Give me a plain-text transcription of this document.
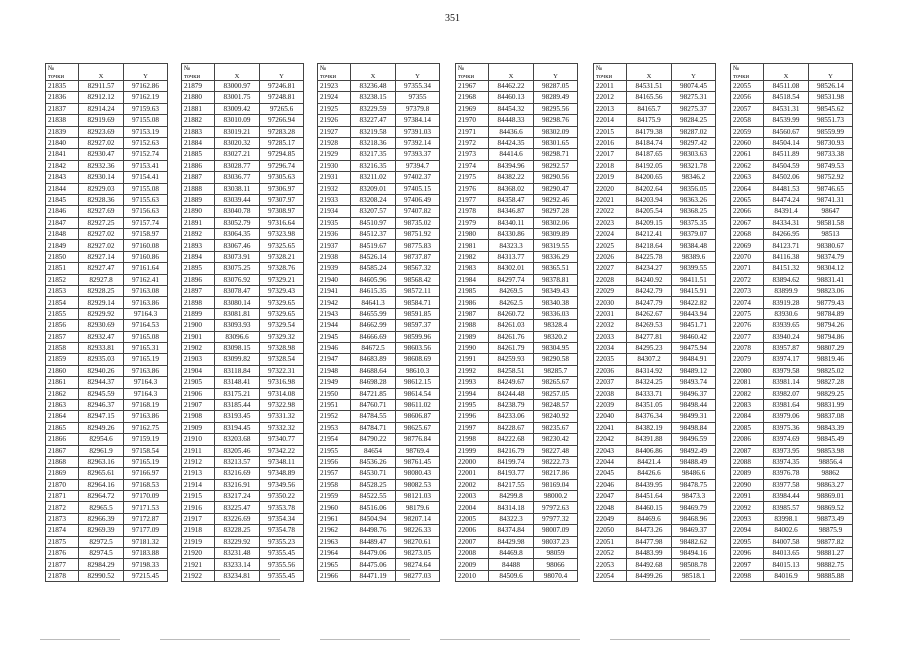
351
№		
точки	X	Y
21835	82911.57	97162.86
21836	82912.12	97162.19
21837	82914.24	97159.63
21838	82919.69	97155.08
21839	82923.69	97153.19
21840	82927.02	97152.63
21841	82930.47	97152.74
21842	82932.36	97153.41
21843	82930.14	97154.41
21844	82929.03	97155.08
21845	82928.36	97155.63
21846	82927.69	97156.63
21847	82927.25	97157.74
21848	82927.02	97158.97
21849	82927.02	97160.08
21850	82927.14	97160.86
21851	82927.47	97161.64
21852	82927.8	97162.41
21853	82928.25	97163.08
21854	82929.14	97163.86
21855	82929.92	97164.3
21856	82930.69	97164.53
21857	82932.47	97165.08
21858	82933.81	97165.31
21859	82935.03	97165.19
21860	82940.26	97163.86
21861	82944.37	97164.3
21862	82945.59	97164.3
21863	82946.37	97168.19
21864	82947.15	97163.86
21865	82949.26	97162.75
21866	82954.6	97159.19
21867	82961.9	97158.54
21868	82963.16	97165.19
21869	82965.61	97166.97
21870	82964.16	97168.53
21871	82964.72	97170.09
21872	82965.5	97171.53
21873	82966.39	97172.87
21874	82969.39	97177.09
21875	82972.5	97181.32
21876	82974.5	97183.88
21877	82984.29	97198.33
21878	82990.52	97215.45
№		
точки	X	Y
21879	83000.97	97246.81
21880	83001.75	97248.81
21881	83009.42	97265.6
21882	83010.09	97266.94
21883	83019.21	97283.28
21884	83020.32	97285.17
21885	83027.21	97294.85
21886	83028.77	97296.74
21887	83036.77	97305.63
21888	83038.11	97306.97
21889	83039.44	97307.97
21890	83040.78	97308.97
21891	83052.79	97316.64
21892	83064.35	97323.98
21893	83067.46	97325.65
21894	83073.91	97328.21
21895	83075.25	97328.76
21896	83076.92	97329.21
21897	83078.47	97329.43
21898	83080.14	97329.65
21899	83081.81	97329.65
21900	83093.93	97329.54
21901	83096.6	97329.32
21902	83098.15	97328.98
21903	83099.82	97328.54
21904	83118.84	97322.31
21905	83148.41	97316.98
21906	83175.21	97314.08
21907	83185.44	97322.98
21908	83193.45	97331.32
21909	83194.45	97332.32
21910	83203.68	97340.77
21911	83205.46	97342.22
21912	83213.57	97348.11
21913	83216.69	97348.89
21914	83216.91	97349.56
21915	83217.24	97350.22
21916	83225.47	97353.78
21917	83226.69	97354.34
21918	83228.25	97354.78
21919	83229.92	97355.23
21920	83231.48	97355.45
21921	83233.14	97355.56
21922	83234.81	97355.45
№		
точки	X	Y
21923	83236.48	97355.34
21924	83238.15	97355
21925	83229.59	97379.8
21926	83227.47	97384.14
21927	83219.58	97391.03
21928	83218.36	97392.14
21929	83217.35	97393.37
21930	83216.35	97394.7
21931	83211.02	97402.37
21932	83209.01	97405.15
21933	83208.24	97406.49
21934	83207.57	97407.82
21935	84510.97	98735.02
21936	84512.37	98751.92
21937	84519.67	98775.83
21938	84526.14	98737.87
21939	84585.24	98567.32
21940	84605.96	98568.42
21941	84615.35	98572.11
21942	84641.3	98584.71
21943	84655.99	98591.85
21944	84662.99	98597.37
21945	84666.69	98599.96
21946	84672.5	98603.56
21947	84683.89	98608.69
21948	84688.64	98610.3
21949	84698.28	98612.15
21950	84721.85	98614.54
21951	84760.71	98611.02
21952	84784.55	98606.87
21953	84784.71	98625.67
21954	84790.22	98776.84
21955	84654	98769.4
21956	84536.26	98761.45
21957	84530.71	98080.43
21958	84528.25	98082.53
21959	84522.55	98121.03
21960	84516.06	98179.6
21961	84504.94	98207.14
21962	84498.76	98226.33
21963	84489.47	98270.61
21964	84479.06	98273.05
21965	84475.06	98274.64
21966	84471.19	98277.03
№		
точки	X	Y
21967	84462.22	98287.05
21968	84460.13	98289.49
21969	84454.32	98295.56
21970	84448.33	98298.76
21971	84436.6	98302.09
21972	84424.35	98301.65
21973	84414.6	98298.71
21974	84394.96	98292.57
21975	84382.22	98290.56
21976	84368.02	98290.47
21977	84358.47	98292.46
21978	84346.87	98297.28
21979	84340.11	98302.06
21980	84330.86	98309.89
21981	84323.3	98319.55
21982	84313.77	98336.29
21983	84302.01	98365.51
21984	84297.74	98378.81
21985	84269.5	98349.43
21986	84262.5	98340.38
21987	84260.72	98336.03
21988	84261.03	98328.4
21989	84261.76	98320.2
21990	84261.79	98304.95
21991	84259.93	98290.58
21992	84258.51	98285.7
21993	84249.67	98265.67
21994	84244.48	98257.05
21995	84238.79	98248.57
21996	84233.06	98240.92
21997	84228.67	98235.67
21998	84222.68	98230.42
21999	84216.79	98227.48
22000	84199.74	98222.73
22001	84193.77	98217.86
22002	84217.55	98169.04
22003	84299.8	98000.2
22004	84314.18	97972.63
22005	84322.3	97977.32
22006	84374.84	98007.09
22007	84429.98	98037.23
22008	84469.8	98059
22009	84488	98066
22010	84509.6	98070.4
№		
точки	X	Y
22011	84531.51	98074.45
22012	84165.56	98275.31
22013	84165.7	98275.37
22014	84175.9	98284.25
22015	84179.38	98287.02
22016	84184.74	98297.42
22017	84187.65	98303.63
22018	84192.05	98321.78
22019	84200.65	98346.2
22020	84202.64	98356.05
22021	84203.94	98363.26
22022	84205.54	98368.25
22023	84209.15	98375.35
22024	84212.41	98379.07
22025	84218.64	98384.48
22026	84225.78	98389.6
22027	84234.27	98399.55
22028	84240.92	98411.51
22029	84242.79	98415.91
22030	84247.79	98422.82
22031	84262.67	98443.94
22032	84269.53	98451.71
22033	84277.81	98460.42
22034	84295.23	98475.94
22035	84307.2	98484.91
22036	84314.92	98489.12
22037	84324.25	98493.74
22038	84333.71	98496.37
22039	84351.05	98498.44
22040	84376.34	98499.31
22041	84382.19	98498.84
22042	84391.88	98496.59
22043	84406.86	98492.49
22044	84421.4	98488.49
22045	84426.6	98486.6
22046	84439.95	98478.75
22047	84451.64	98473.3
22048	84460.15	98469.79
22049	84469.6	98468.96
22050	84473.26	98469.37
22051	84477.98	98482.62
22052	84483.99	98494.16
22053	84492.68	98508.78
22054	84499.26	98518.1
№		
точки	X	Y
22055	84511.08	98526.14
22056	84518.54	98531.98
22057	84531.31	98545.62
22058	84539.99	98551.73
22059	84560.67	98559.99
22060	84504.14	98730.93
22061	84511.89	98733.38
22062	84504.59	98749.53
22063	84502.06	98752.92
22064	84481.53	98746.65
22065	84474.24	98741.31
22066	84391.4	98647
22067	84334.31	98581.58
22068	84266.95	98513
22069	84123.71	98380.67
22070	84116.38	98374.79
22071	84151.32	98304.12
22072	83894.62	98831.41
22073	83899.9	98823.06
22074	83919.28	98779.43
22075	83930.6	98784.89
22076	83939.65	98794.26
22077	83940.24	98794.86
22078	83957.87	98807.29
22079	83974.17	98819.46
22080	83979.58	98825.02
22081	83981.14	98827.28
22082	83982.07	98829.25
22083	83981.64	98831.99
22084	83979.06	98837.08
22085	83975.36	98843.39
22086	83974.69	98845.49
22087	83973.95	98853.98
22088	83974.35	98856.4
22089	83976.78	98862
22090	83977.58	98863.27
22091	83984.44	98869.01
22092	83985.57	98869.52
22093	83998.1	98873.49
22094	84002.6	98875.9
22095	84007.58	98877.82
22096	84013.65	98881.27
22097	84015.13	98882.75
22098	84016.9	98885.88
